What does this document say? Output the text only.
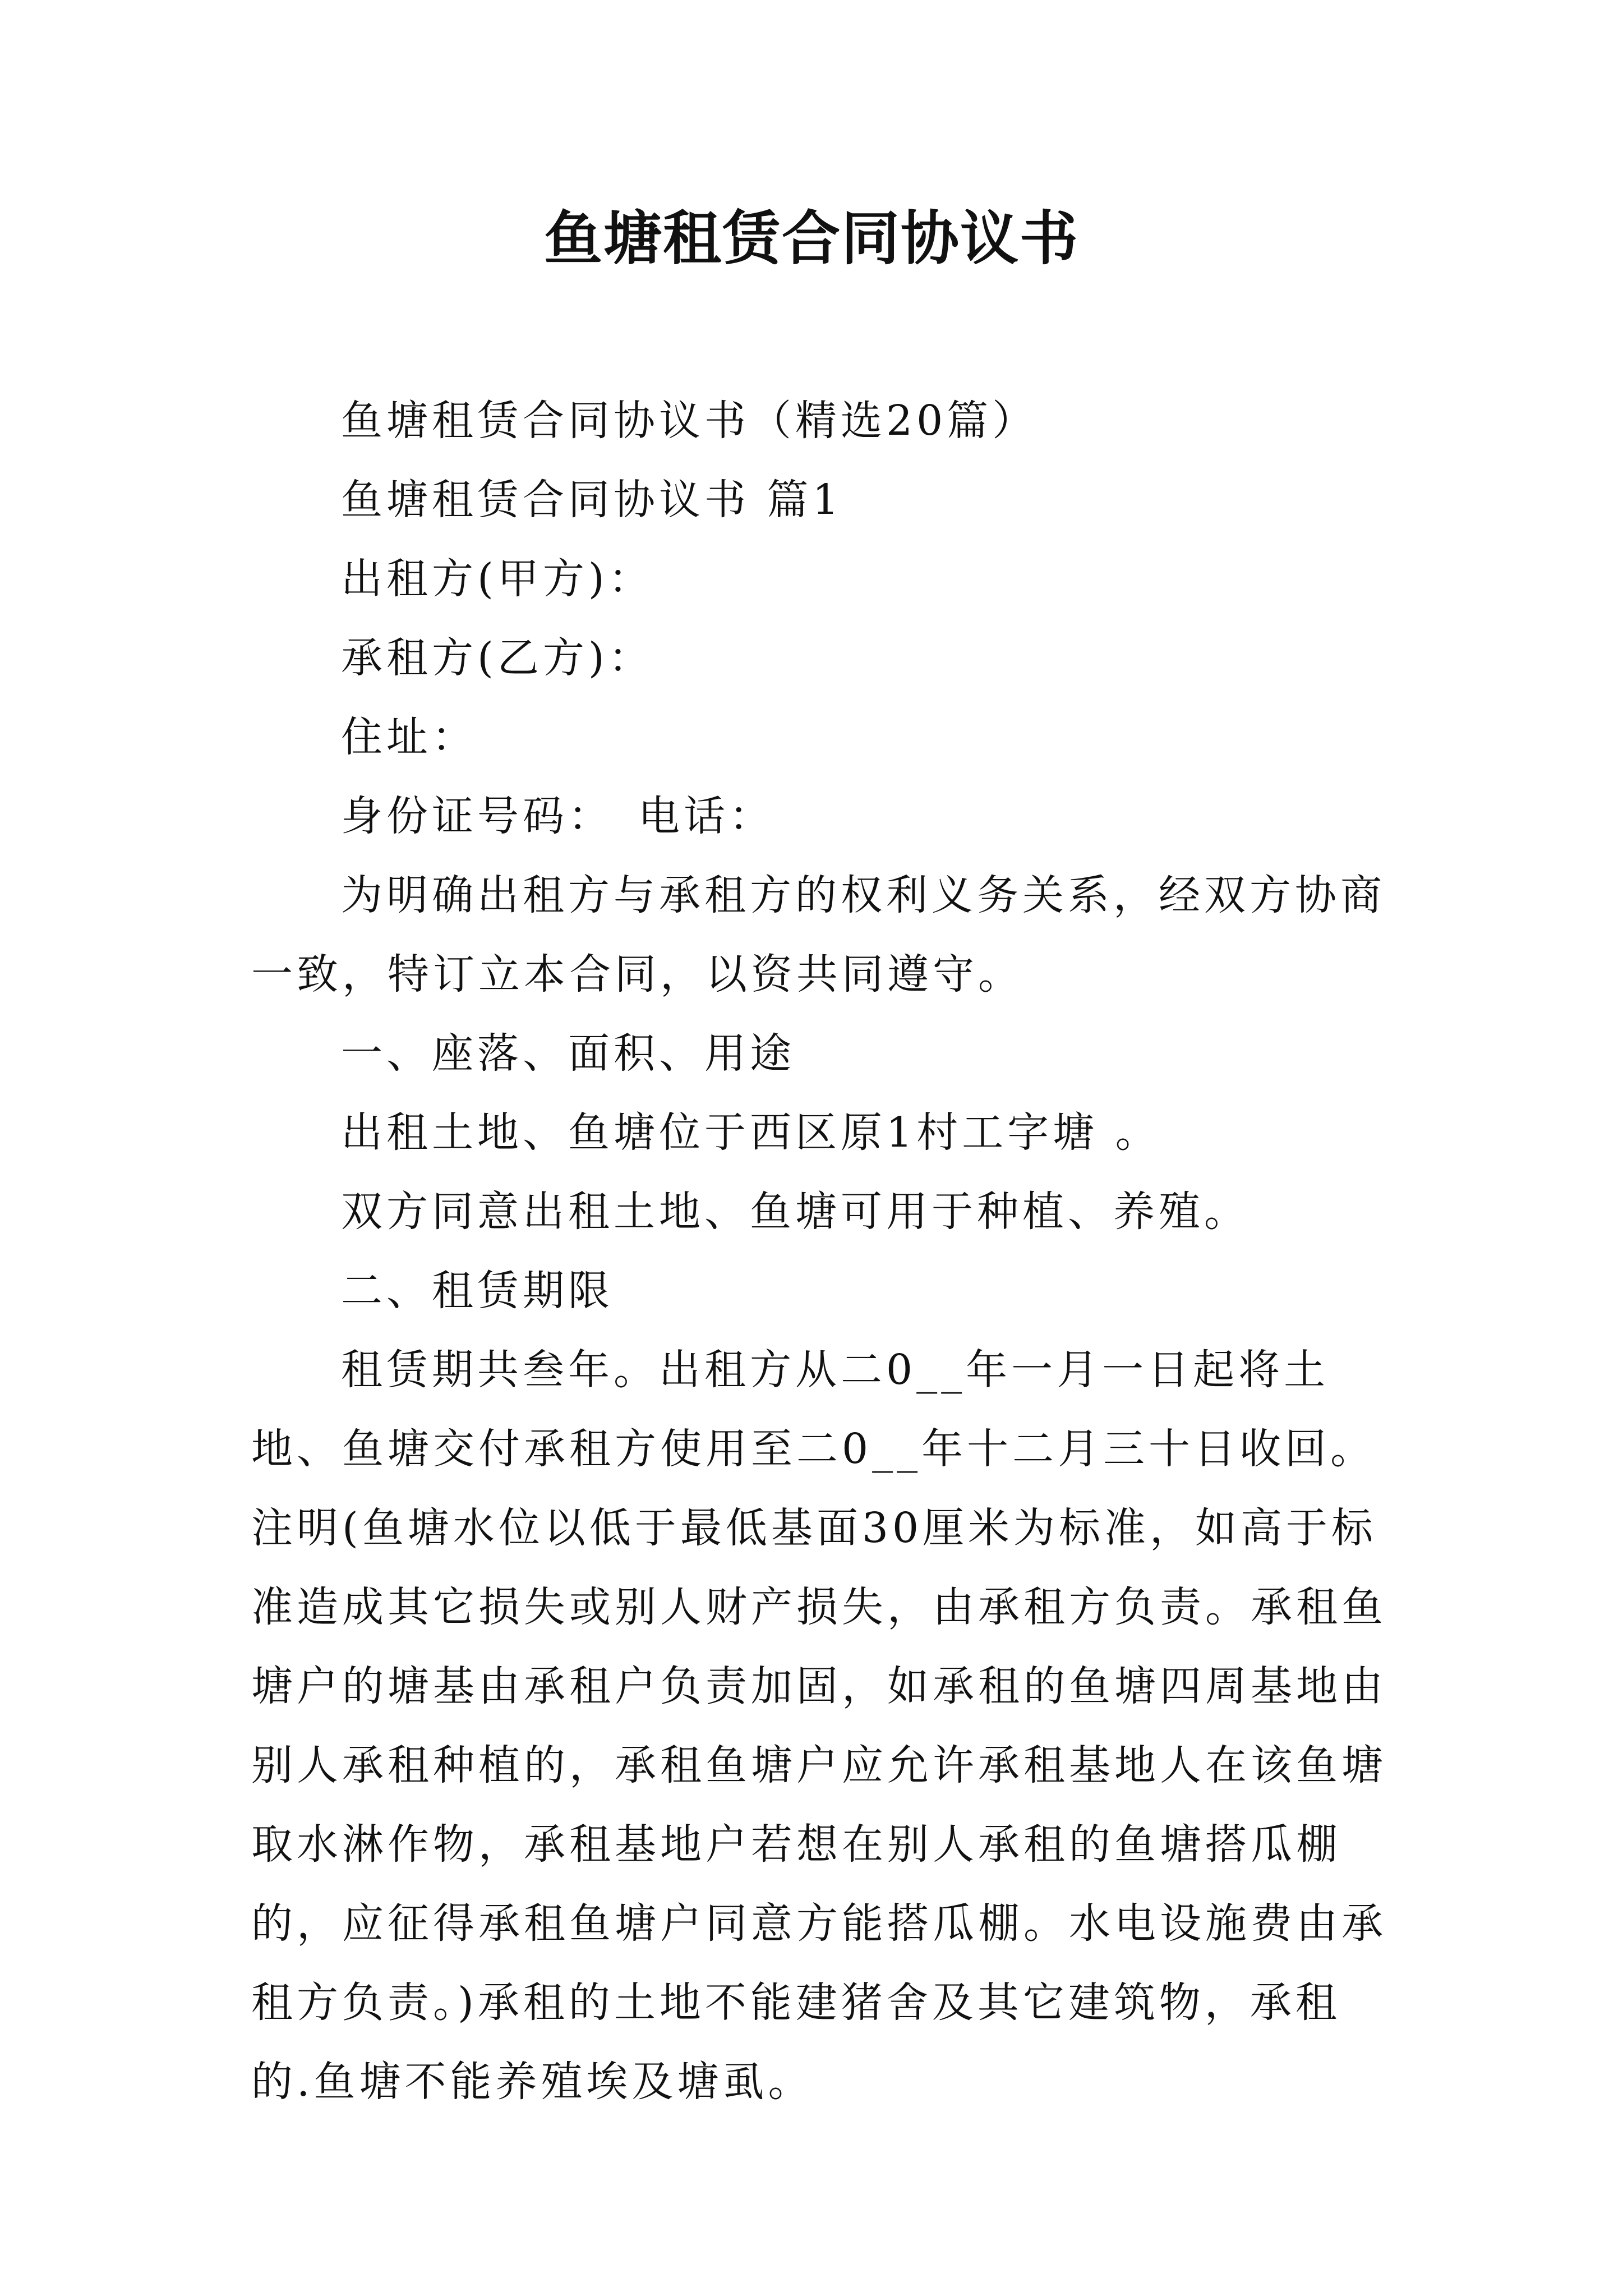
鱼塘租赁合同协议书

鱼塘租赁合同协议书（精选20篇）

鱼塘租赁合同协议书 篇1

出租方(甲方)：

承租方(乙方)：

住址：

身份证号码：　电话：

为明确出租方与承租方的权利义务关系，经双方协商一致，特订立本合同，以资共同遵守。

一、座落、面积、用途

出租土地、鱼塘位于西区原1村工字塘 。

双方同意出租土地、鱼塘可用于种植、养殖。

二、租赁期限

租赁期共叁年。出租方从二0__年一月一日起将土地、鱼塘交付承租方使用至二0__年十二月三十日收回。注明(鱼塘水位以低于最低基面30厘米为标准，如高于标准造成其它损失或别人财产损失，由承租方负责。承租鱼塘户的塘基由承租户负责加固，如承租的鱼塘四周基地由别人承租种植的，承租鱼塘户应允许承租基地人在该鱼塘取水淋作物，承租基地户若想在别人承租的鱼塘搭瓜棚的，应征得承租鱼塘户同意方能搭瓜棚。水电设施费由承租方负责。)承租的土地不能建猪舍及其它建筑物，承租的.鱼塘不能养殖埃及塘虱。
